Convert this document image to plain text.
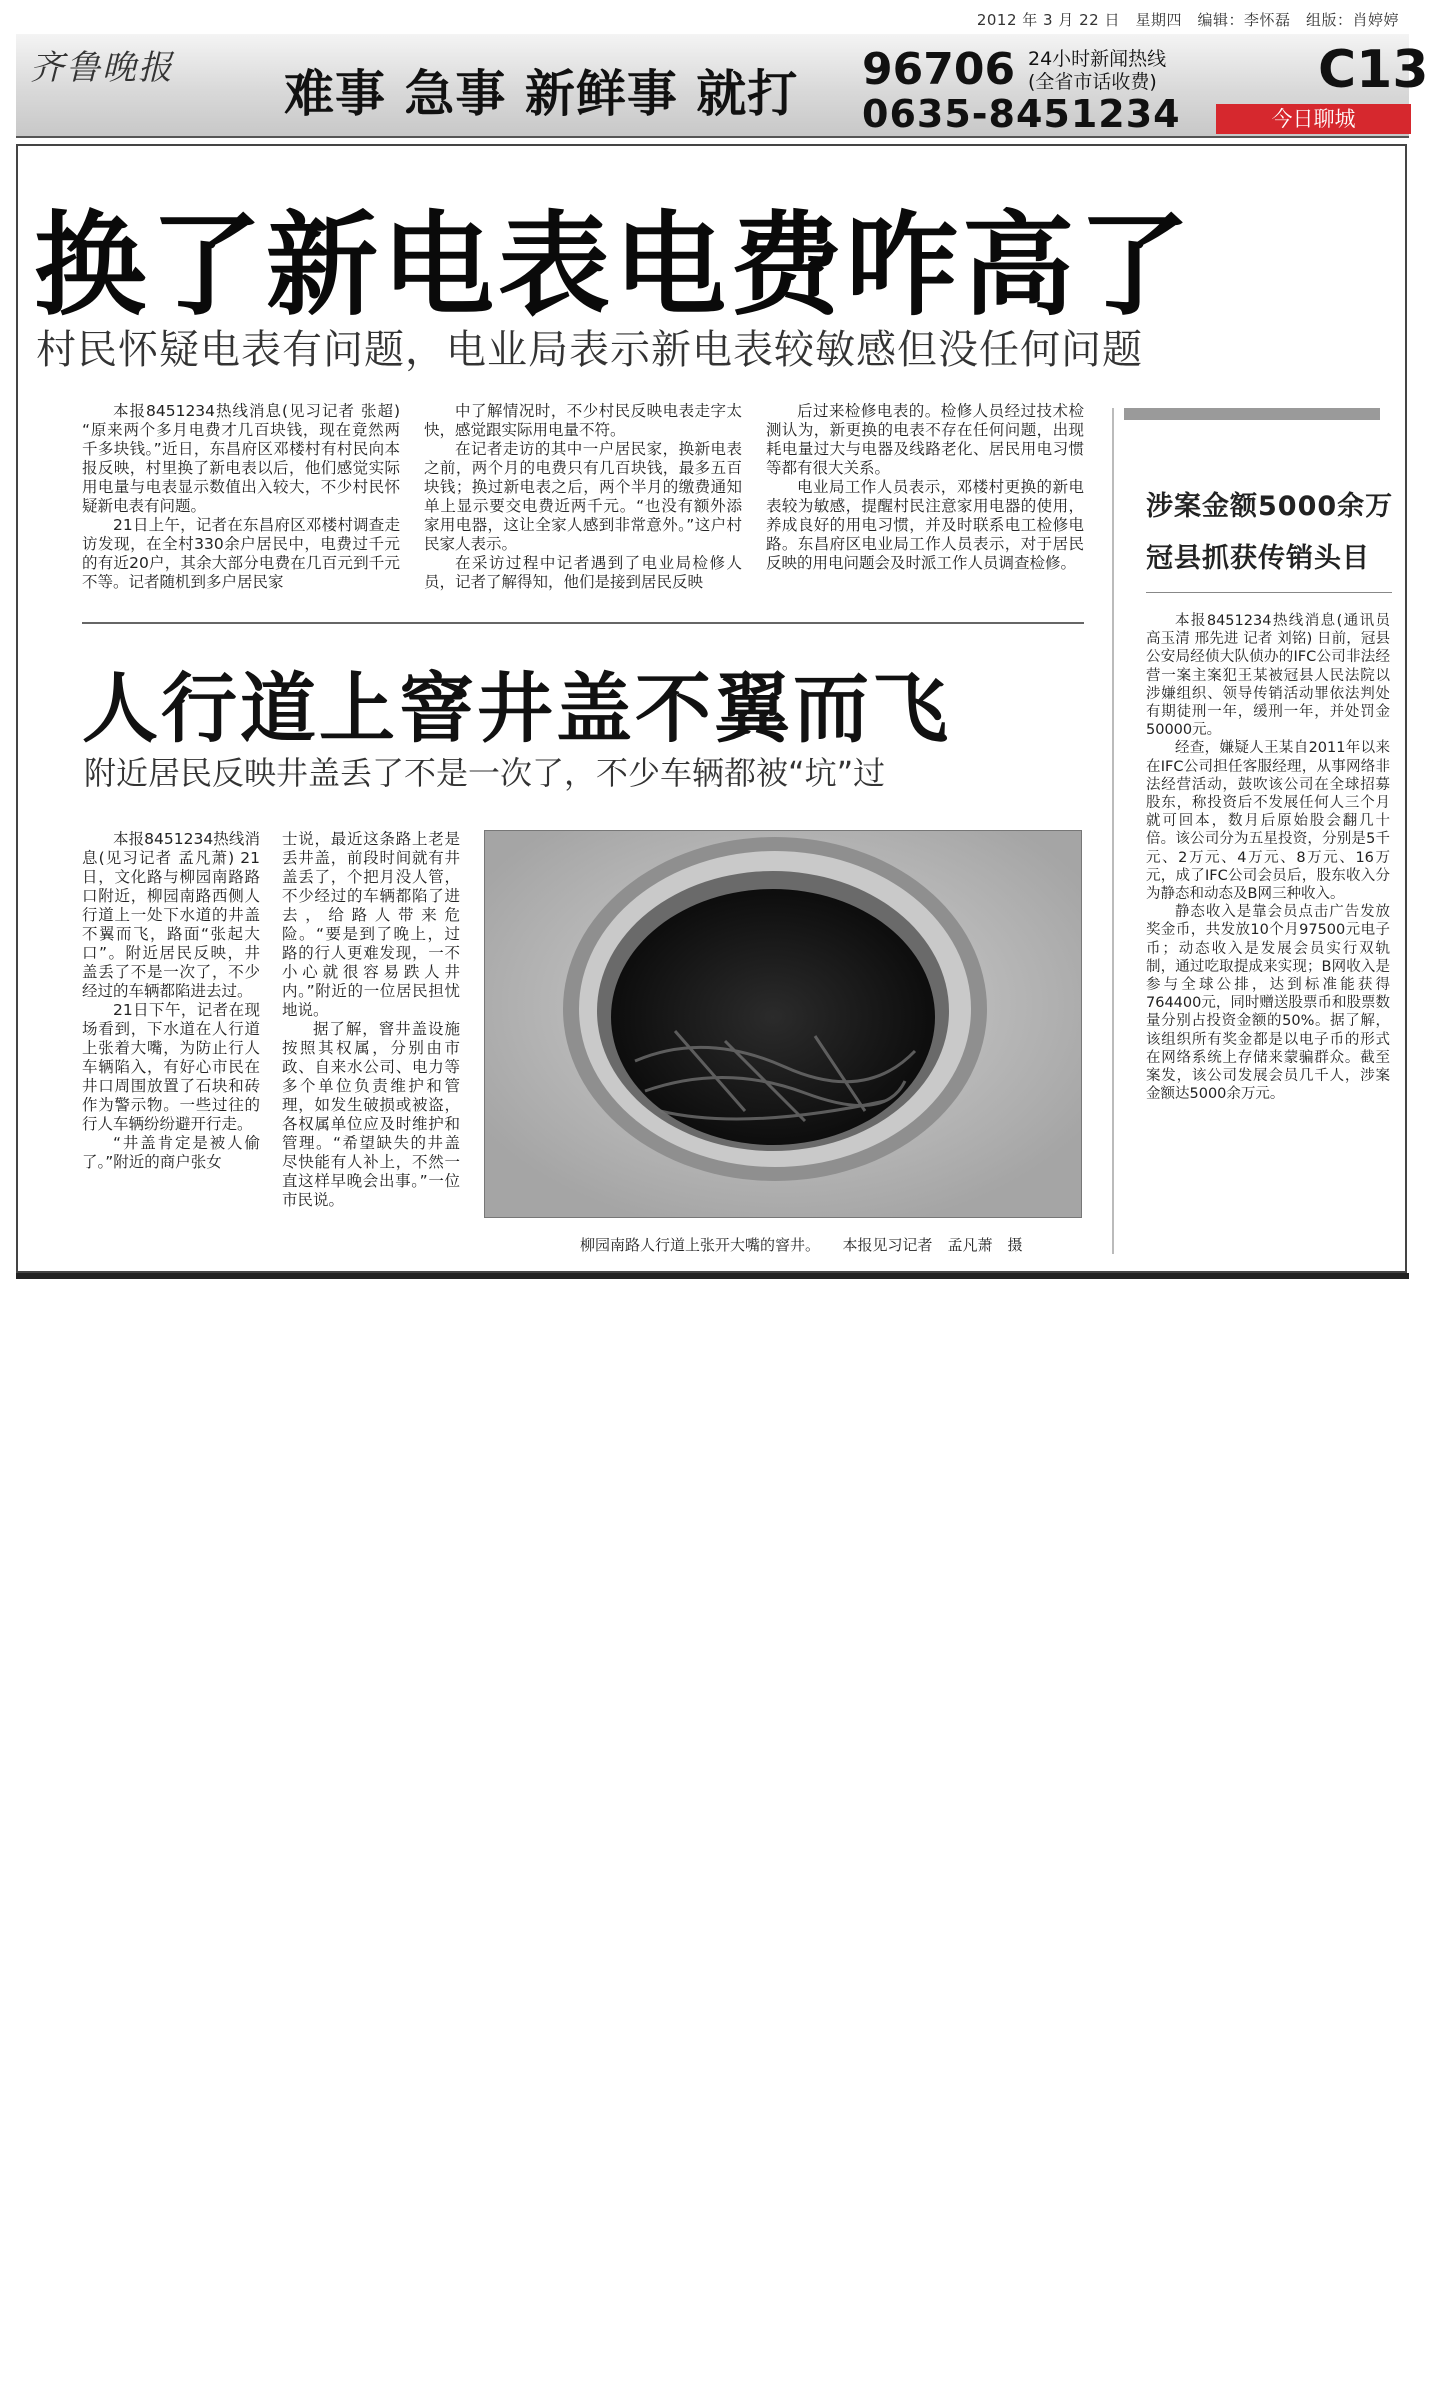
2012 年 3 月 22 日　星期四　编辑：李怀磊　组版：肖婷婷
齐鲁晚报 难事 急事 新鲜事 就打 96706 24小时新闻热线
(全省市话收费)
0635-8451234
C13
今日聊城
换了新电表电费咋高了
村民怀疑电表有问题，电业局表示新电表较敏感但没任何问题

本报8451234热线消息(见习记者 张超) “原来两个多月电费才几百块钱，现在竟然两千多块钱。”近日，东昌府区邓楼村有村民向本报反映，村里换了新电表以后，他们感觉实际用电量与电表显示数值出入较大，不少村民怀疑新电表有问题。

21日上午，记者在东昌府区邓楼村调查走访发现，在全村330余户居民中，电费过千元的有近20户，其余大部分电费在几百元到千元不等。记者随机到多户居民家

中了解情况时，不少村民反映电表走字太快，感觉跟实际用电量不符。

在记者走访的其中一户居民家，换新电表之前，两个月的电费只有几百块钱，最多五百块钱；换过新电表之后，两个半月的缴费通知单上显示要交电费近两千元。“也没有额外添家用电器，这让全家人感到非常意外。”这户村民家人表示。

在采访过程中记者遇到了电业局检修人员，记者了解得知，他们是接到居民反映

后过来检修电表的。检修人员经过技术检测认为，新更换的电表不存在任何问题，出现耗电量过大与电器及线路老化、居民用电习惯等都有很大关系。

电业局工作人员表示，邓楼村更换的新电表较为敏感，提醒村民注意家用电器的使用，养成良好的用电习惯，并及时联系电工检修电路。东昌府区电业局工作人员表示，对于居民反映的用电问题会及时派工作人员调查检修。

人行道上窨井盖不翼而飞
附近居民反映井盖丢了不是一次了，不少车辆都被“坑”过

本报8451234热线消息(见习记者 孟凡萧) 21日，文化路与柳园南路路口附近，柳园南路西侧人行道上一处下水道的井盖不翼而飞，路面“张起大口”。附近居民反映，井盖丢了不是一次了，不少经过的车辆都陷进去过。

21日下午，记者在现场看到，下水道在人行道上张着大嘴，为防止行人车辆陷入，有好心市民在井口周围放置了石块和砖作为警示物。一些过往的行人车辆纷纷避开行走。

“井盖肯定是被人偷了。”附近的商户张女

士说，最近这条路上老是丢井盖，前段时间就有井盖丢了，个把月没人管，不少经过的车辆都陷了进去，给路人带来危险。“要是到了晚上，过路的行人更难发现，一不小心就很容易跌人井内。”附近的一位居民担忧地说。

据了解，窨井盖设施按照其权属，分别由市政、自来水公司、电力等多个单位负责维护和管理，如发生破损或被盗，各权属单位应及时维护和管理。“希望缺失的井盖尽快能有人补上，不然一直这样早晚会出事。”一位市民说。

柳园南路人行道上张开大嘴的窨井。　　本报见习记者　孟凡萧　摄
涉案金额5000余万
冠县抓获传销头目

本报8451234热线消息(通讯员 高玉清 邢先进 记者 刘铭) 日前，冠县公安局经侦大队侦办的IFC公司非法经营一案主案犯王某被冠县人民法院以涉嫌组织、领导传销活动罪依法判处有期徒刑一年，缓刑一年，并处罚金50000元。

经查，嫌疑人王某自2011年以来在IFC公司担任客服经理，从事网络非法经营活动，鼓吹该公司在全球招募股东，称投资后不发展任何人三个月就可回本，数月后原始股会翻几十倍。该公司分为五星投资，分别是5千元、2万元、4万元、8万元、16万元，成了IFC公司会员后，股东收入分为静态和动态及B网三种收入。

静态收入是靠会员点击广告发放奖金币，共发放10个月97500元电子币；动态收入是发展会员实行双轨制，通过吃取提成来实现；B网收入是参与全球公排，达到标准能获得764400元，同时赠送股票币和股票数量分别占投资金额的50%。据了解，该组织所有奖金都是以电子币的形式在网络系统上存储来蒙骗群众。截至案发，该公司发展会员几千人，涉案金额达5000余万元。
